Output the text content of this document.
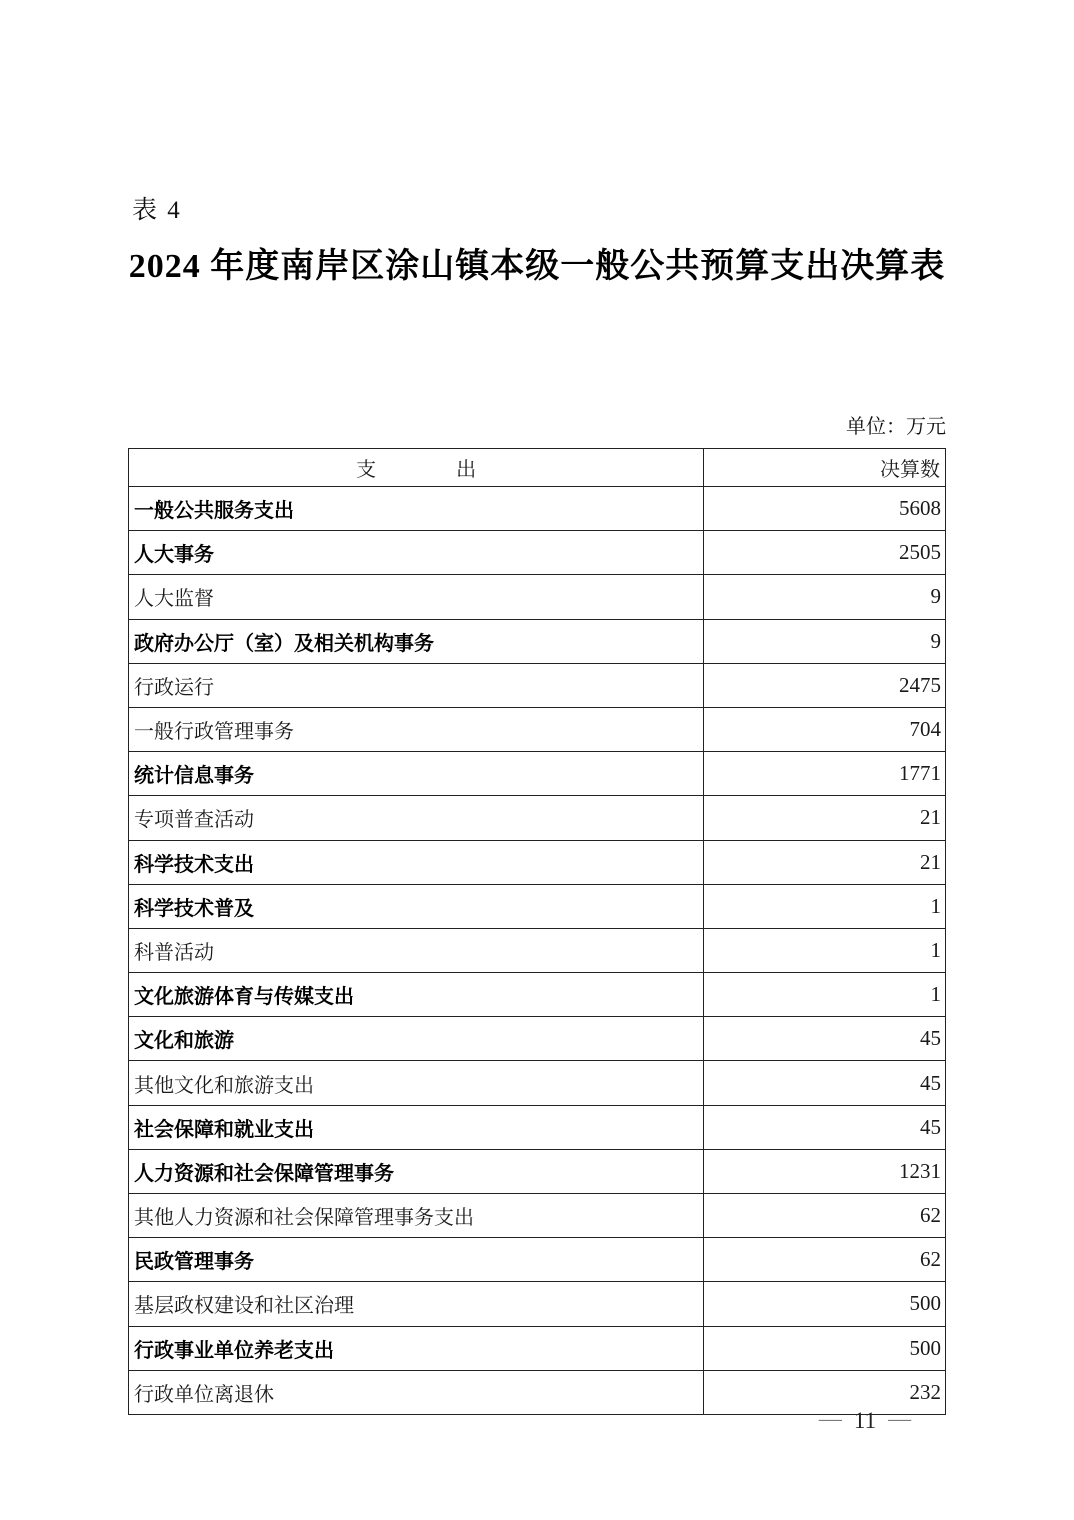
表 4
2024 年度南岸区涂山镇本级一般公共预算支出决算表
单位：万元
支　　　　出	决算数
一般公共服务支出	5608
人大事务	2505
人大监督	9
政府办公厅（室）及相关机构事务	9
行政运行	2475
一般行政管理事务	704
统计信息事务	1771
专项普查活动	21
科学技术支出	21
科学技术普及	1
科普活动	1
文化旅游体育与传媒支出	1
文化和旅游	45
其他文化和旅游支出	45
社会保障和就业支出	45
人力资源和社会保障管理事务	1231
其他人力资源和社会保障管理事务支出	62
民政管理事务	62
基层政权建设和社区治理	500
行政事业单位养老支出	500
行政单位离退休	232
— 11 —
